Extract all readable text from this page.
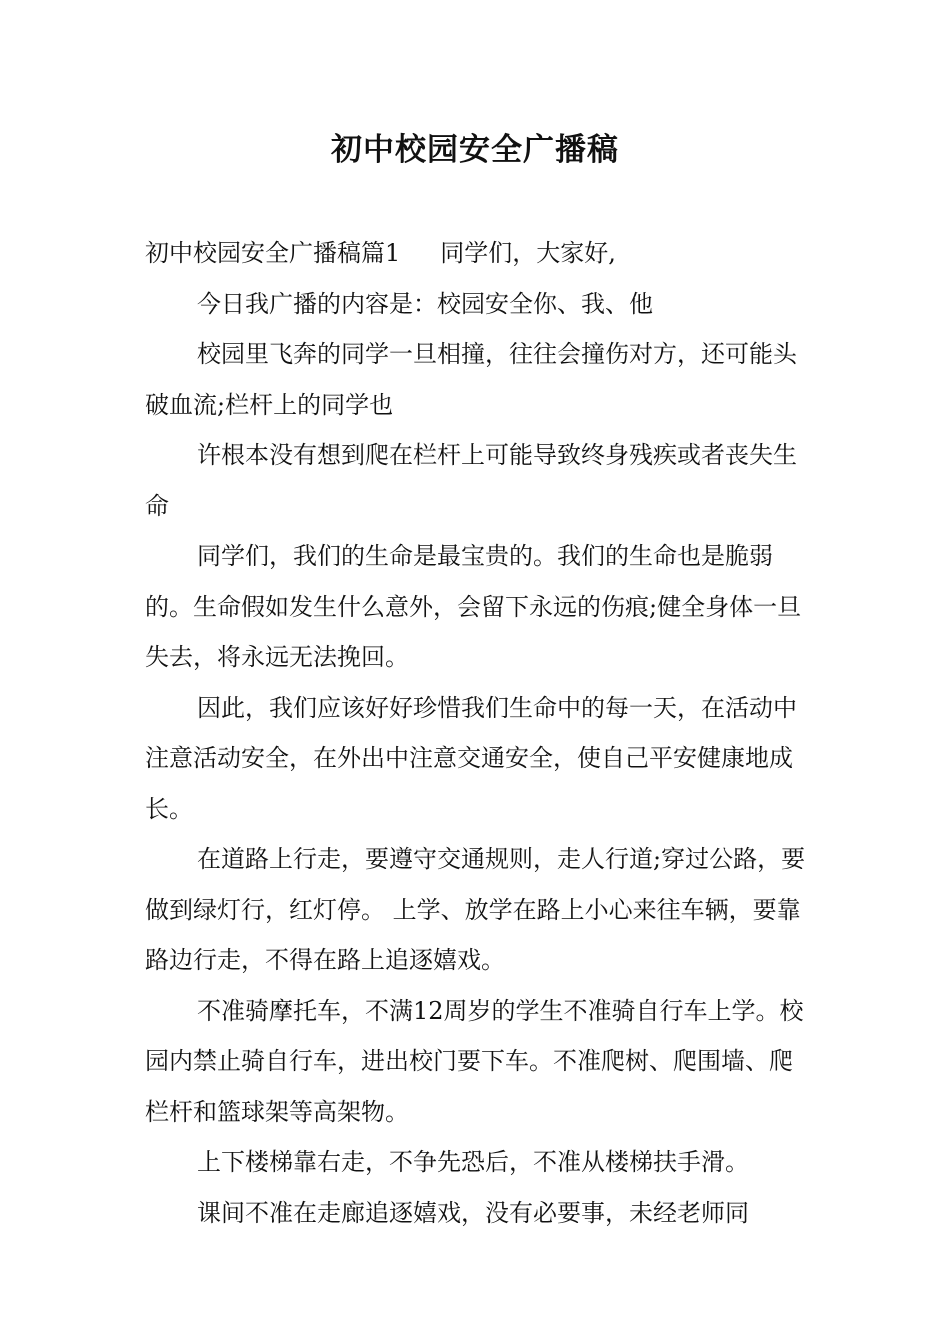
初中校园安全广播稿

初中校园安全广播稿篇1 同学们，大家好,

今日我广播的内容是：校园安全你、我、他

校园里飞奔的同学一旦相撞，往往会撞伤对方，还可能头破血流;栏杆上的同学也

许根本没有想到爬在栏杆上可能导致终身残疾或者丧失生命

同学们，我们的生命是最宝贵的。我们的生命也是脆弱的。生命假如发生什么意外，会留下永远的伤痕;健全身体一旦失去，将永远无法挽回。

因此，我们应该好好珍惜我们生命中的每一天，在活动中注意活动安全，在外出中注意交通安全，使自己平安健康地成长。

在道路上行走，要遵守交通规则，走人行道;穿过公路，要做到绿灯行，红灯停。 上学、放学在路上小心来往车辆，要靠路边行走，不得在路上追逐嬉戏。

不准骑摩托车，不满12周岁的学生不准骑自行车上学。校园内禁止骑自行车，进出校门要下车。不准爬树、爬围墙、爬栏杆和篮球架等高架物。

上下楼梯靠右走，不争先恐后，不准从楼梯扶手滑。

课间不准在走廊追逐嬉戏，没有必要事，未经老师同
